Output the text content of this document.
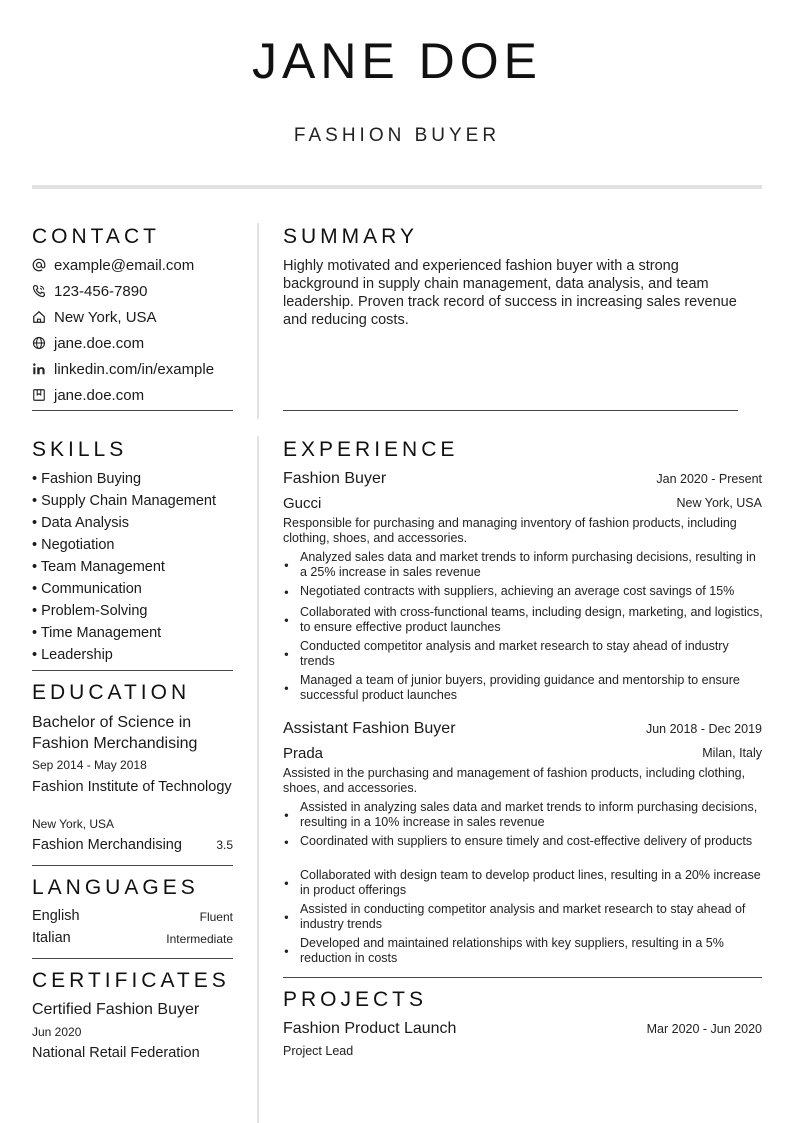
JANE DOE
FASHION BUYER
CONTACT
example@email.com
123-456-7890
New York, USA
jane.doe.com
linkedin.com/in/example
jane.doe.com
SUMMARY
Highly motivated and experienced fashion buyer with a strong background in supply chain management, data analysis, and team leadership. Proven track record of success in increasing sales revenue and reducing costs.
SKILLS
• Fashion Buying
• Supply Chain Management
• Data Analysis
• Negotiation
• Team Management
• Communication
• Problem-Solving
• Time Management
• Leadership
EDUCATION
Bachelor of Science in Fashion Merchandising
Sep 2014 - May 2018
Fashion Institute of Technology
New York, USA
Fashion Merchandising	3.5
LANGUAGES
English	Fluent
Italian	Intermediate
CERTIFICATES
Certified Fashion Buyer
Jun 2020
National Retail Federation
EXPERIENCE
Fashion Buyer	Jan 2020 - Present
Gucci	New York, USA
Responsible for purchasing and managing inventory of fashion products, including clothing, shoes, and accessories.
● Analyzed sales data and market trends to inform purchasing decisions, resulting in a 25% increase in sales revenue
● Negotiated contracts with suppliers, achieving an average cost savings of 15%
● Collaborated with cross-functional teams, including design, marketing, and logistics, to ensure effective product launches
● Conducted competitor analysis and market research to stay ahead of industry trends
● Managed a team of junior buyers, providing guidance and mentorship to ensure successful product launches
Assistant Fashion Buyer	Jun 2018 - Dec 2019
Prada	Milan, Italy
Assisted in the purchasing and management of fashion products, including clothing, shoes, and accessories.
● Assisted in analyzing sales data and market trends to inform purchasing decisions, resulting in a 10% increase in sales revenue
● Coordinated with suppliers to ensure timely and cost-effective delivery of products
● Collaborated with design team to develop product lines, resulting in a 20% increase in product offerings
● Assisted in conducting competitor analysis and market research to stay ahead of industry trends
● Developed and maintained relationships with key suppliers, resulting in a 5% reduction in costs
PROJECTS
Fashion Product Launch	Mar 2020 - Jun 2020
Project Lead
